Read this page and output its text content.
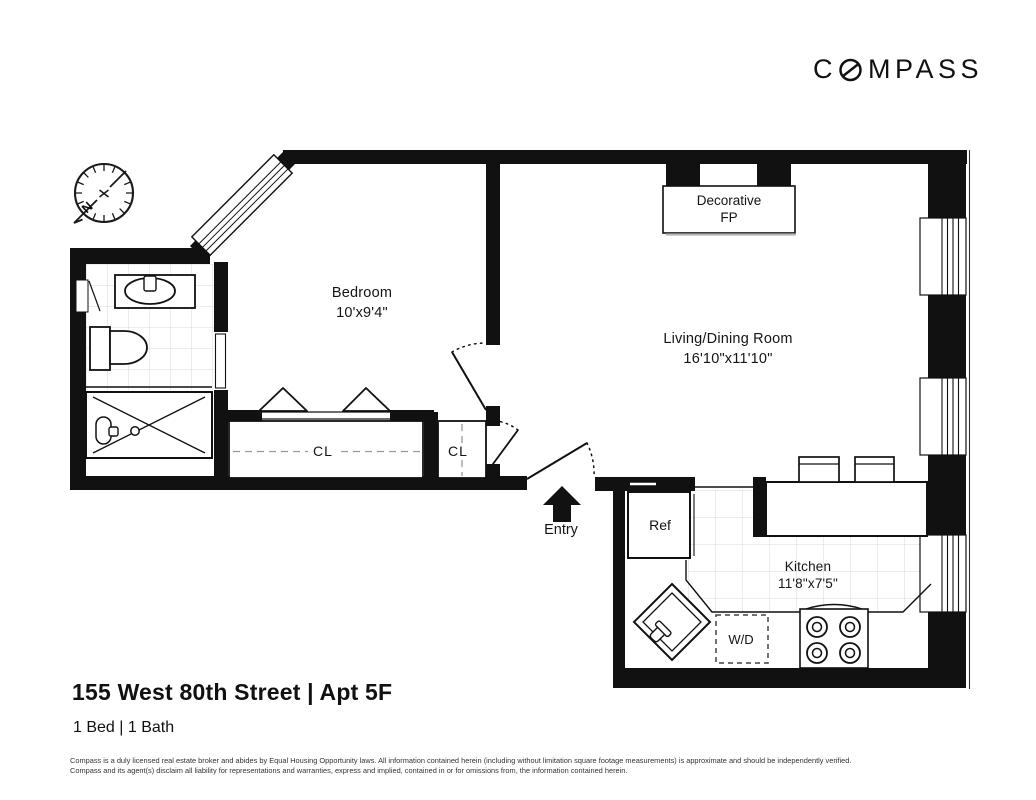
C MPASS
N
Bedroom
10'x9'4"
Living/Dining Room
16'10"x11'10"
Kitchen
11'8"x7'5"
Decorative
FP
CL	CL
Ref
W/D
Entry
155 West 80th Street | Apt 5F
1 Bed | 1 Bath
Compass is a duly licensed real estate broker and abides by Equal Housing Opportunity laws. All information contained herein (including without limitation square footage measurements) is approximate and should be independently verified.
Compass and its agent(s) disclaim all liability for representations and warranties, express and implied, contained in or for omissions from, the information contained herein.
